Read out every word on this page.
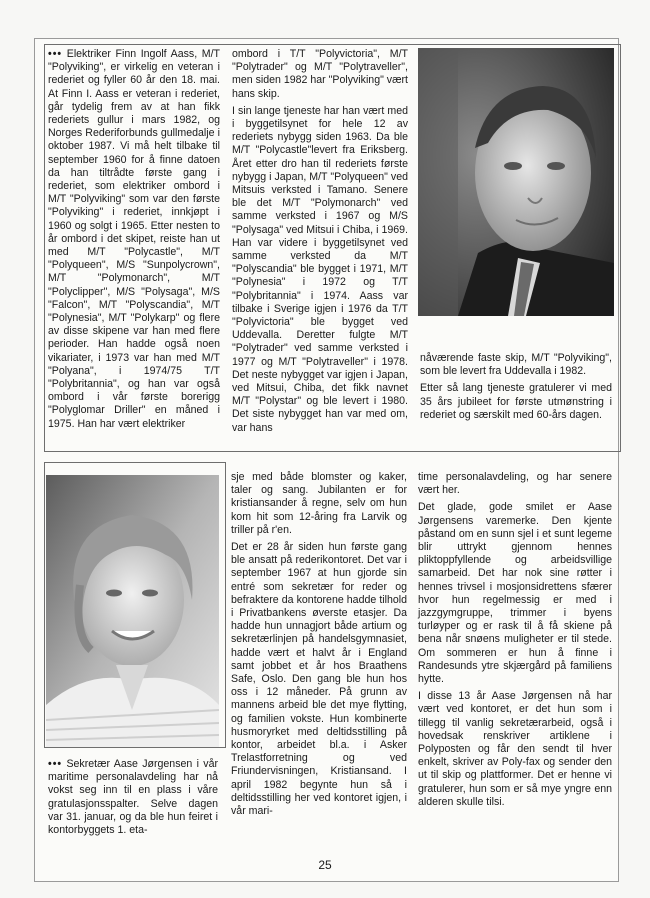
••• Elektriker Finn Ingolf Aass, M/T "Polyviking", er virkelig en veteran i rederiet og fyller 60 år den 18. mai. At Finn I. Aass er veteran i rederiet, går tydelig frem av at han fikk rederiets gullur i mars 1982, og Norges Rederiforbunds gullmedalje i oktober 1987. Vi må helt tilbake til september 1960 for å finne datoen da han tiltrådte første gang i rederiet, som elektriker ombord i M/T "Polyviking" som var den første "Polyviking" i rederiet, innkjøpt i 1960 og solgt i 1965. Etter nesten to år ombord i det skipet, reiste han ut med M/T "Polycastle", M/T "Polyqueen", M/S "Sunpolycrown", M/T "Polymonarch", M/T "Polyclipper", M/S "Polysaga", M/S "Falcon", M/T "Polyscandia", M/T "Polynesia", M/T "Polykarp" og flere av disse skipene var han med flere perioder. Han hadde også noen vikariater, i 1973 var han med M/T "Polyana", i 1974/75 T/T "Polybritannia", og han var også ombord i vår første borerigg "Polyglomar Driller" en måned i 1975. Han har vært elektriker

ombord i T/T "Polyvictoria", M/T "Polytrader" og M/T "Polytraveller", men siden 1982 har "Polyviking" vært hans skip.

I sin lange tjeneste har han vært med i byggetilsynet for hele 12 av rederiets nybygg siden 1963. Da ble M/T "Polycastle"levert fra Eriksberg. Året etter dro han til rederiets første nybygg i Japan, M/T "Polyqueen" ved Mitsuis verksted i Tamano. Senere ble det M/T "Polymonarch" ved samme verksted i 1967 og M/S "Polysaga" ved Mitsui i Chiba, i 1969. Han var videre i byggetilsynet ved samme verksted da M/T "Polyscandia" ble bygget i 1971, M/T "Polynesia" i 1972 og T/T "Polybritannia" i 1974. Aass var tilbake i Sverige igjen i 1976 da T/T "Polyvictoria" ble bygget ved Uddevalla. Deretter fulgte M/T "Polytrader" ved samme verksted i 1977 og M/T "Polytraveller" i 1978. Det neste nybygget var igjen i Japan, ved Mitsui, Chiba, det fikk navnet M/T "Polystar" og ble levert i 1980. Det siste nybygget han var med om, var hans

nåværende faste skip, M/T "Polyviking", som ble levert fra Uddevalla i 1982.

Etter så lang tjeneste gratulerer vi med 35 års jubileet for første utmønstring i rederiet og særskilt med 60-års dagen.

••• Sekretær Aase Jørgensen i vår maritime personalavdeling har nå vokst seg inn til en plass i våre gratulasjonsspalter. Selve dagen var 31. januar, og da ble hun feiret i kontorbyggets 1. eta-

sje med både blomster og kaker, taler og sang. Jubilanten er for kristiansander å regne, selv om hun kom hit som 12-åring fra Larvik og triller på r'en.

Det er 28 år siden hun første gang ble ansatt på rederikontoret. Det var i september 1967 at hun gjorde sin entré som sekretær for reder og befraktere da kontorene hadde tilhold i Privatbankens øverste etasjer. Da hadde hun unnagjort både artium og sekretærlinjen på handelsgymnasiet, hadde vært et halvt år i England samt jobbet et år hos Braathens Safe, Oslo. Den gang ble hun hos oss i 12 måneder. På grunn av mannens arbeid ble det mye flytting, og familien vokste. Hun kombinerte husmoryrket med deltidsstilling på kontor, arbeidet bl.a. i Asker Trelastforretning og ved Friundervisningen, Kristiansand. I april 1982 begynte hun så i deltidsstilling her ved kontoret igjen, i vår mari-

time personalavdeling, og har senere vært her.

Det glade, gode smilet er Aase Jørgensens varemerke. Den kjente påstand om en sunn sjel i et sunt legeme blir uttrykt gjennom hennes pliktoppfyllende og arbeidsvillige samarbeid. Det har nok sine røtter i hennes trivsel i mosjonsidrettens sfærer hvor hun regelmessig er med i jazzgymgruppe, trimmer i byens turløyper og er rask til å få skiene på bena når snøens muligheter er til stede. Om sommeren er hun å finne i Randesunds ytre skjærgård på familiens hytte.

I disse 13 år Aase Jørgensen nå har vært ved kontoret, er det hun som i tillegg til vanlig sekretærarbeid, også i hovedsak renskriver artiklene i Polyposten og får den sendt til hver enkelt, skriver av Poly-fax og sender den ut til skip og plattformer. Det er henne vi gratulerer, hun som er så mye yngre enn alderen skulle tilsi.

25
